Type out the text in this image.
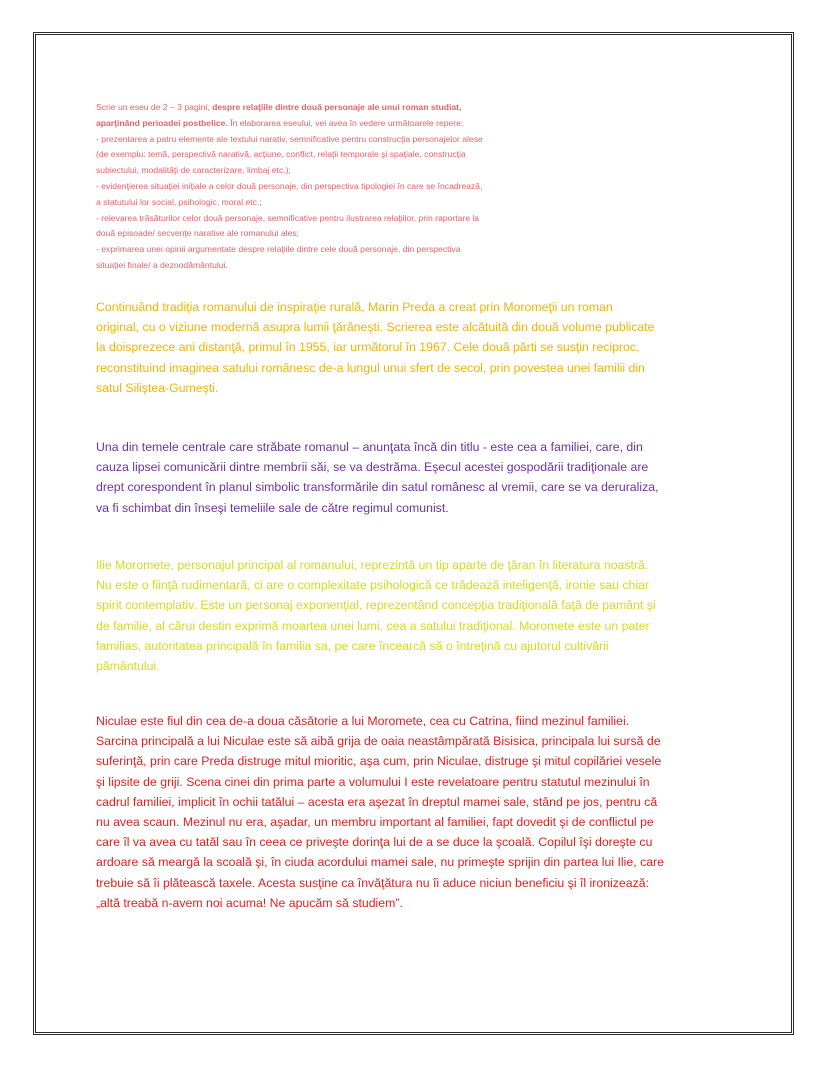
Scrie un eseu de 2 – 3 pagini, despre relaţiile dintre două personaje ale unui roman studiat,
aparţinând perioadei postbelice. În elaborarea eseului, vei avea în vedere următoarele repere:
- prezentarea a patru elemente ale textului narativ, semnificative pentru construcţia personajelor alese
(de exemplu: temă, perspectivă narativă, acţiune, conflict, relaţii temporale şi spaţiale, construcţia
subiectului, modalităţi de caracterizare, limbaj etc.);
- evidenţierea situaţiei iniţiale a celor două personaje, din perspectiva tipologiei în care se încadrează,
a statutului lor social, psihologic, moral etc.;
- relevarea trăsăturilor celor două personaje, semnificative pentru ilustrarea relaţiilor, prin raportare la
două episoade/ secvenţe narative ale romanului ales;
- exprimarea unei opinii argumentate despre relaţiile dintre cele două personaje, din perspectiva
situaţiei finale/ a deznodământului.
Continuând tradiţia romanului de inspiraţie rurală, Marin Preda a creat prin Moromeţii un roman
original, cu o viziune modernă asupra lumii ţărăneşti. Scrierea este alcătuită din două volume publicate
la doisprezece ani distanţă, primul în 1955, iar următorul în 1967. Cele două părti se susţin reciproc,
reconstituind imaginea satului românesc de-a lungul unui sfert de secol, prin povestea unei familii din
satul Siliştea-Gumeşti.
Una din temele centrale care străbate romanul – anunţata încă din titlu - este cea a familiei, care, din
cauza lipsei comunicării dintre membrii săi, se va destrăma. Eşecul acestei gospodării tradiţionale are
drept corespondent în planul simbolic transformările din satul românesc al vremii, care se va deruraliza,
va fi schimbat din înseşi temeliile sale de către regimul comunist.
Ilie Moromete, personajul principal al romanului, reprezintă un tip aparte de ţăran în literatura noastră.
Nu este o fiinţă rudimentară, ci are o complexitate psihologică ce trădează inteligenţă, ironie sau chiar
spirit contemplativ. Este un personaj exponenţial, reprezentând concepţia tradiţională faţă de pamânt şi
de familie, al cărui destin exprimă moartea unei lumi, cea a satului tradiţional. Moromete este un pater
familias, autoritatea principală în familia sa, pe care încearcă să o întreţină cu ajutorul cultivării
pământului.
Niculae este fiul din cea de-a doua căsătorie a lui Moromete, cea cu Catrina, fiind mezinul familiei.
Sarcina principală a lui Niculae este să aibă grija de oaia neastâmpărată Bisisica, principala lui sursă de
suferinţă, prin care Preda distruge mitul mioritic, aşa cum, prin Niculae, distruge şi mitul copilăriei vesele
şi lipsite de griji. Scena cinei din prima parte a volumului I este revelatoare pentru statutul mezinului în
cadrul familiei, implicit în ochii tatălui – acesta era aşezat în dreptul mamei sale, stând pe jos, pentru că
nu avea scaun. Mezinul nu era, aşadar, un membru important al familiei, fapt dovedit şi de conflictul pe
care îl va avea cu tatăl sau în ceea ce priveşte dorinţa lui de a se duce la şcoală. Copilul îşi doreşte cu
ardoare să meargă la scoală şi, în ciuda acordului mamei sale, nu primeşte sprijin din partea lui Ilie, care
trebuie să îi plătească taxele. Acesta susţine ca învăţătura nu îi aduce niciun beneficiu şi îl ironizează:
„altă treabă n-avem noi acuma! Ne apucăm să studiem”.
